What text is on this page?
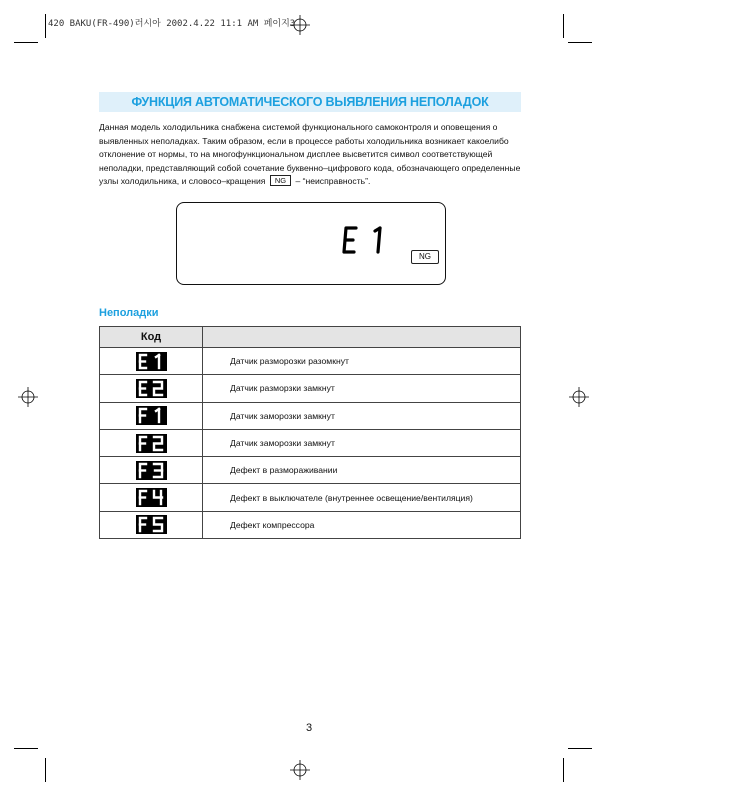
420 BAKU(FR-490)러시아 2002.4.22 11:1 AM 페이지3
ФУНКЦИЯ АВТОМАТИЧЕСКОГО ВЫЯВЛЕНИЯ НЕПОЛАДОК

Данная модель холодильника снабжена системой функционального самоконтроля и оповещения о выявленных неполадках. Таким образом, если в процессе работы холодильника возникает какоелибо отклонение от нормы, то на многофункциональном дисплее высветится символ соответствующей неполадки, представляющий собой сочетание буквенно–цифрового кода, обозначающего определенные узлы холодильника, и словосо–кращения NG – “неисправность”.

NG
Неполадки
Код	

	Датчик разморозки разомкнут

	Датчик разморзки замкнут

	Датчик заморозки замкнут

	Датчик заморозки замкнут

	Дефект в размораживании

	Дефект в выключателе (внутреннее освещение/вентиляция)

	Дефект компрессора
3
